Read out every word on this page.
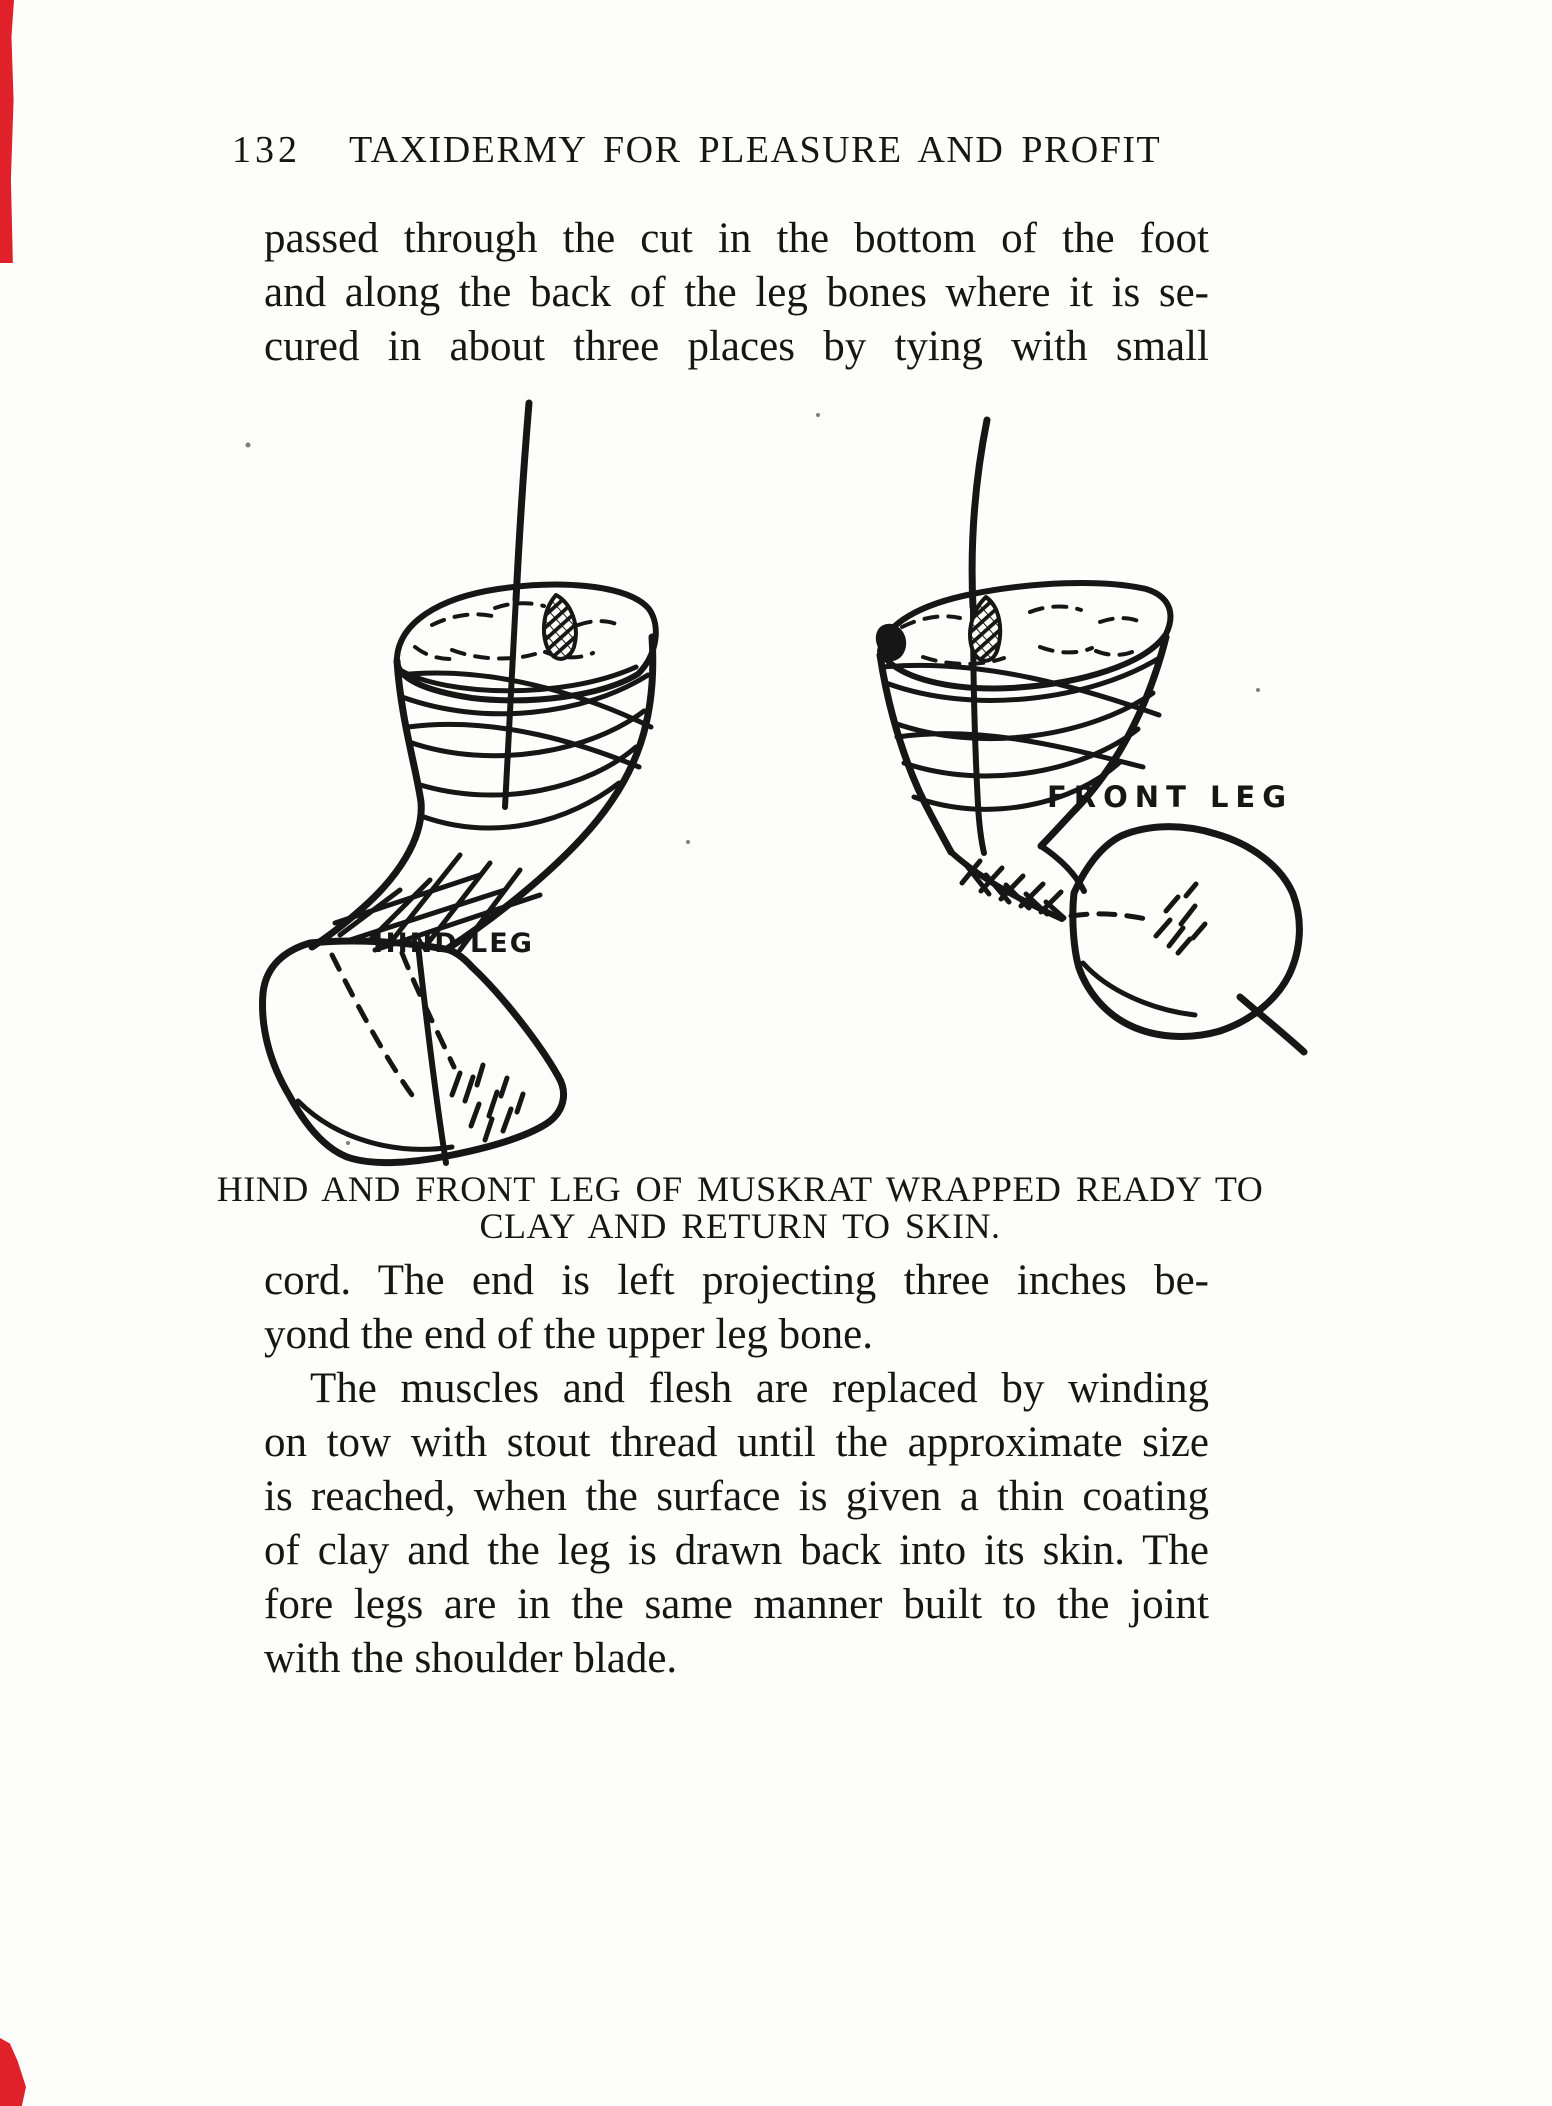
132 TAXIDERMY FOR PLEASURE AND PROFIT
passed through the cut in the bottom of the foot
and along the back of the leg bones where it is se-
cured in about three places by tying with small
HIND LEG
FRONT LEG
HIND AND FRONT LEG OF MUSKRAT WRAPPED READY TO
CLAY AND RETURN TO SKIN.
cord. The end is left projecting three inches be-
yond the end of the upper leg bone.
The muscles and flesh are replaced by winding
on tow with stout thread until the approximate size
is reached, when the surface is given a thin coating
of clay and the leg is drawn back into its skin. The
fore legs are in the same manner built to the joint
with the shoulder blade.
